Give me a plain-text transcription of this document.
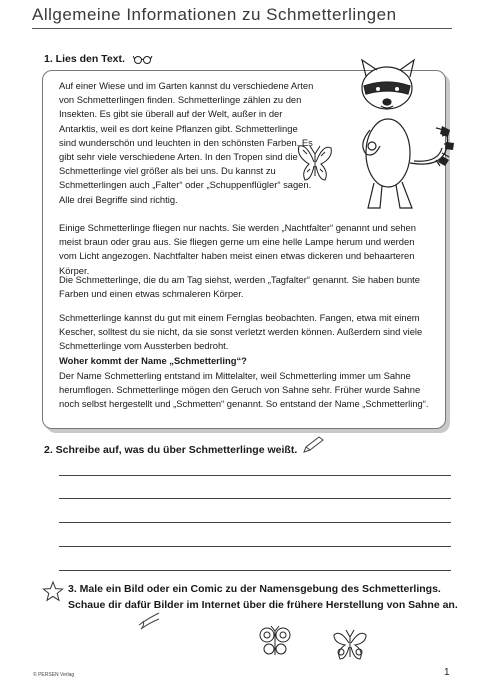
Allgemeine Informationen zu Schmetterlingen
1. Lies den Text.

Auf einer Wiese und im Garten kannst du verschiedene Arten von Schmetterlingen finden. Schmetterlinge zählen zu den Insekten. Es gibt sie überall auf der Welt, außer in der Antarktis, weil es dort keine Pflanzen gibt. Schmetterlinge sind wunderschön und leuchten in den schönsten Farben. Es gibt sehr viele verschiedene Arten. In den Tropen sind die Schmetterlinge viel größer als bei uns. Du kannst zu Schmetterlingen auch „Falter“ oder „Schuppenflügler“ sagen. Alle drei Begriffe sind richtig.

Einige Schmetterlinge fliegen nur nachts. Sie werden „Nachtfalter“ genannt und sehen meist braun oder grau aus. Sie fliegen gerne um eine helle Lampe herum und werden vom Licht angezogen. Nachtfalter haben meist einen etwas dickeren und behaarteren Körper.

Die Schmetterlinge, die du am Tag siehst, werden „Tagfalter“ genannt. Sie haben bunte Farben und einen etwas schmaleren Körper.

Schmetterlinge kannst du gut mit einem Fernglas beobachten. Fangen, etwa mit einem Kescher, solltest du sie nicht, da sie sonst verletzt werden können. Außerdem sind viele Schmetterlinge vom Aussterben bedroht.

Woher kommt der Name „Schmetterling“?

Der Name Schmetterling entstand im Mittelalter, weil Schmetterling immer um Sahne herumflogen. Schmetterlinge mögen den Geruch von Sahne sehr. Früher wurde Sahne noch selbst hergestellt und „Schmetten“ genannt. So entstand der Name „Schmetterling“.

2. Schreibe auf, was du über Schmetterlinge weißt.
3. Male ein Bild oder ein Comic zu der Namensgebung des Schmetterlings. Schaue dir dafür Bilder im Internet über die frühere Herstellung von Sahne an.
© PERSEN Verlag	1
